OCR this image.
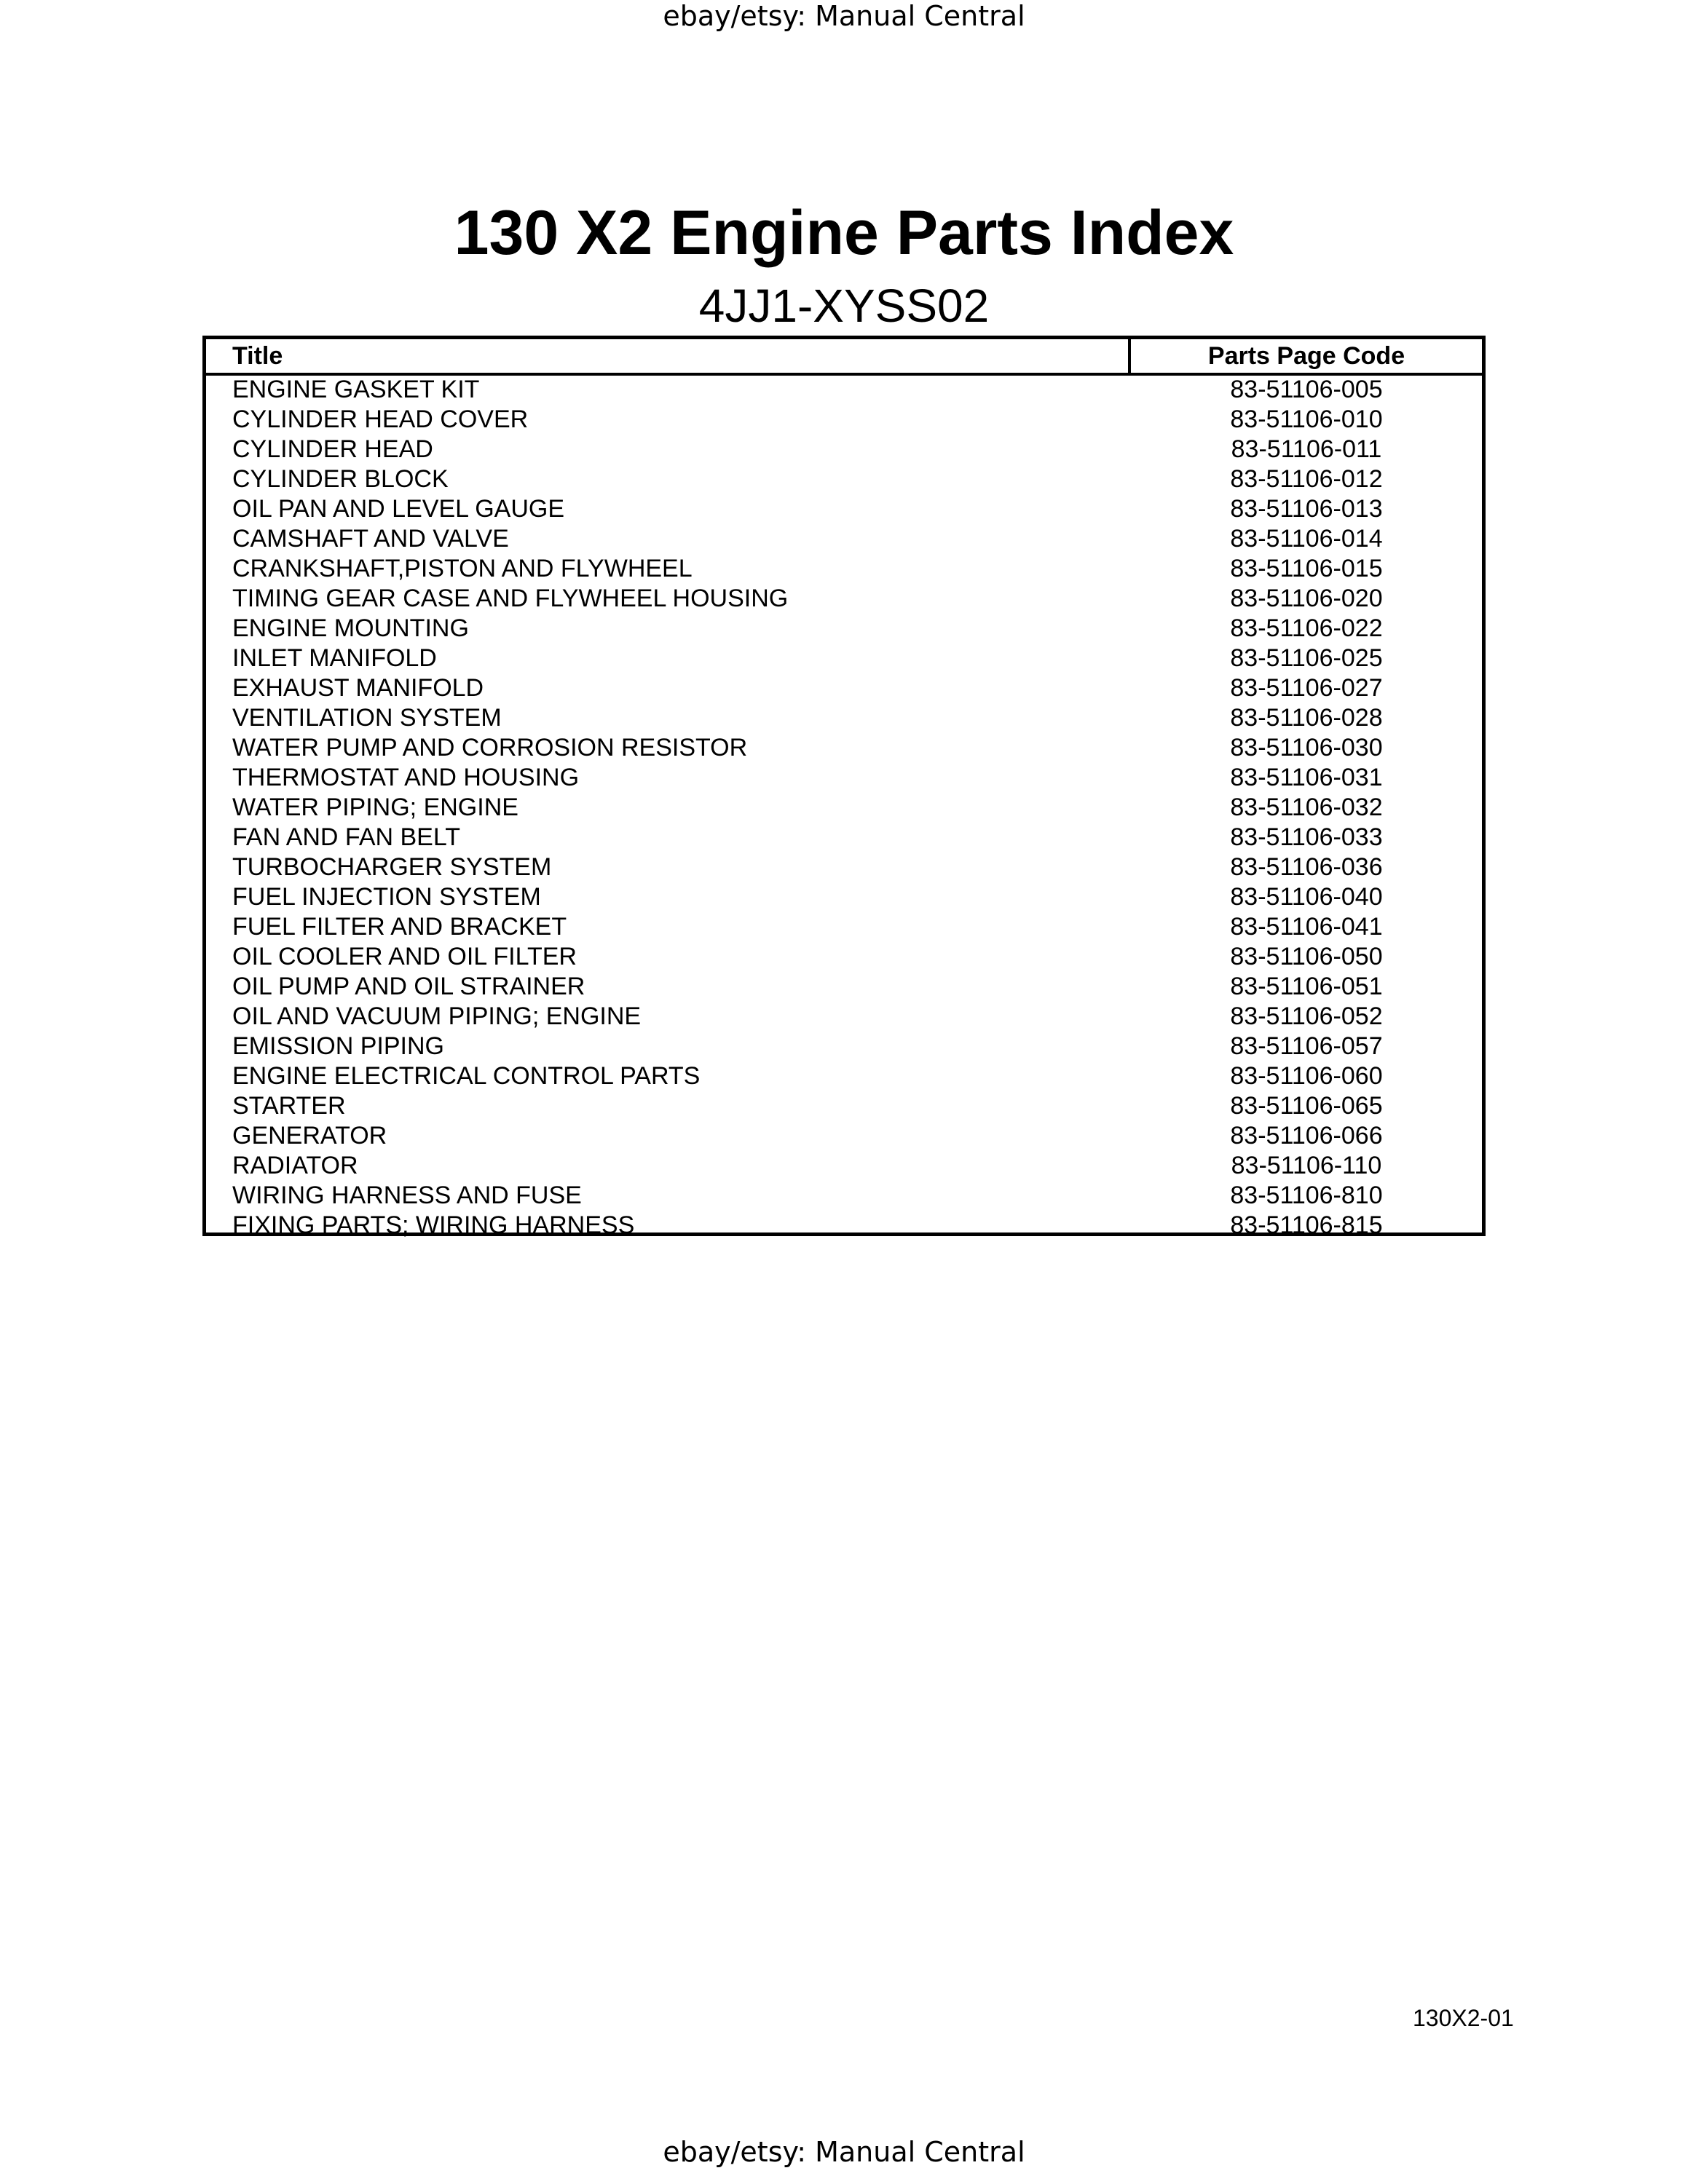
ebay/etsy: Manual Central
130 X2 Engine Parts Index
4JJ1-XYSS02
Title	Parts Page Code
ENGINE GASKET KIT	83-51106-005
CYLINDER HEAD COVER	83-51106-010
CYLINDER HEAD	83-51106-011
CYLINDER BLOCK	83-51106-012
OIL PAN AND LEVEL GAUGE	83-51106-013
CAMSHAFT AND VALVE	83-51106-014
CRANKSHAFT,PISTON AND FLYWHEEL	83-51106-015
TIMING GEAR CASE AND FLYWHEEL HOUSING	83-51106-020
ENGINE MOUNTING	83-51106-022
INLET MANIFOLD	83-51106-025
EXHAUST MANIFOLD	83-51106-027
VENTILATION SYSTEM	83-51106-028
WATER PUMP AND CORROSION RESISTOR	83-51106-030
THERMOSTAT AND HOUSING	83-51106-031
WATER PIPING; ENGINE	83-51106-032
FAN AND FAN BELT	83-51106-033
TURBOCHARGER SYSTEM	83-51106-036
FUEL INJECTION SYSTEM	83-51106-040
FUEL FILTER AND BRACKET	83-51106-041
OIL COOLER AND OIL FILTER	83-51106-050
OIL PUMP AND OIL STRAINER	83-51106-051
OIL AND VACUUM PIPING; ENGINE	83-51106-052
EMISSION PIPING	83-51106-057
ENGINE ELECTRICAL CONTROL PARTS	83-51106-060
STARTER	83-51106-065
GENERATOR	83-51106-066
RADIATOR	83-51106-110
WIRING HARNESS AND FUSE	83-51106-810
FIXING PARTS; WIRING HARNESS	83-51106-815
130X2-01
ebay/etsy: Manual Central
